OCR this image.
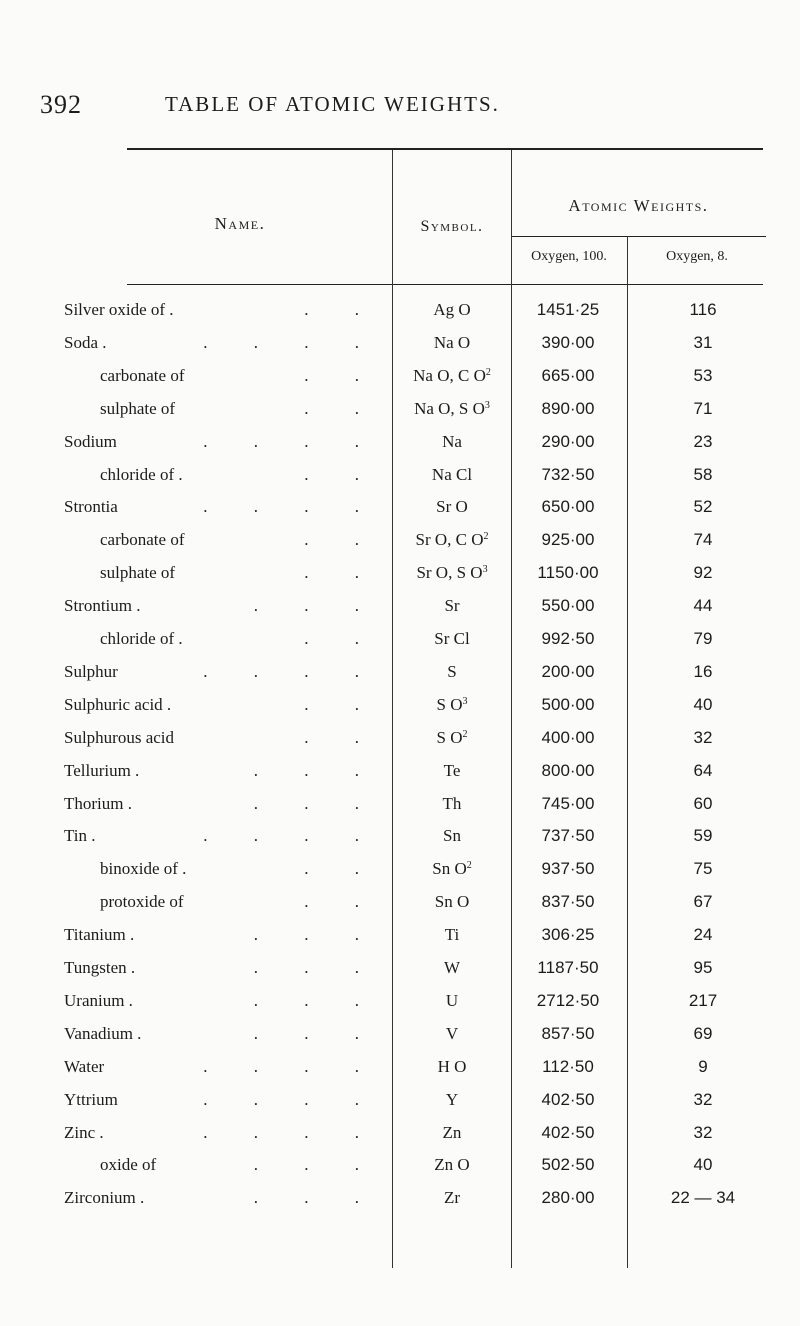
392	TABLE OF ATOMIC WEIGHTS.
Name.	Symbol.
Atomic Weights.
Oxygen, 100.	Oxygen, 8.
Silver oxide of .	. .	Ag O	1451·25	116
Soda .	. . . .	Na O	390·00	31
carbonate of	. .	Na O, C $O^2$	665·00	53
sulphate of	. .	Na O, S $O^3$	890·00	71
Sodium	. . . .	Na	290·00	23
chloride of .	. .	Na Cl	732·50	58
Strontia	. . . .	Sr O	650·00	52
carbonate of	. .	Sr O, C $O^2$	925·00	74
sulphate of	. .	Sr O, S $O^3$	1150·00	92
Strontium .	. . .	Sr	550·00	44
chloride of .	. .	Sr Cl	992·50	79
Sulphur	. . . .	S	200·00	16
Sulphuric acid .	. .	S $O^3$	500·00	40
Sulphurous acid	. .	S $O^2$	400·00	32
Tellurium .	. . .	Te	800·00	64
Thorium .	. . .	Th	745·00	60
Tin .	. . . .	Sn	737·50	59
binoxide of .	. .	Sn $O^2$	937·50	75
protoxide of	. .	Sn O	837·50	67
Titanium .	. . .	Ti	306·25	24
Tungsten .	. . .	W	1187·50	95
Uranium .	. . .	U	2712·50	217
Vanadium .	. . .	V	857·50	69
Water	. . . .	H O	112·50	9
Yttrium	. . . .	Y	402·50	32
Zinc .	. . . .	Zn	402·50	32
oxide of	. . .	Zn O	502·50	40
Zirconium .	. . .	Zr	280·00	22 — 34
